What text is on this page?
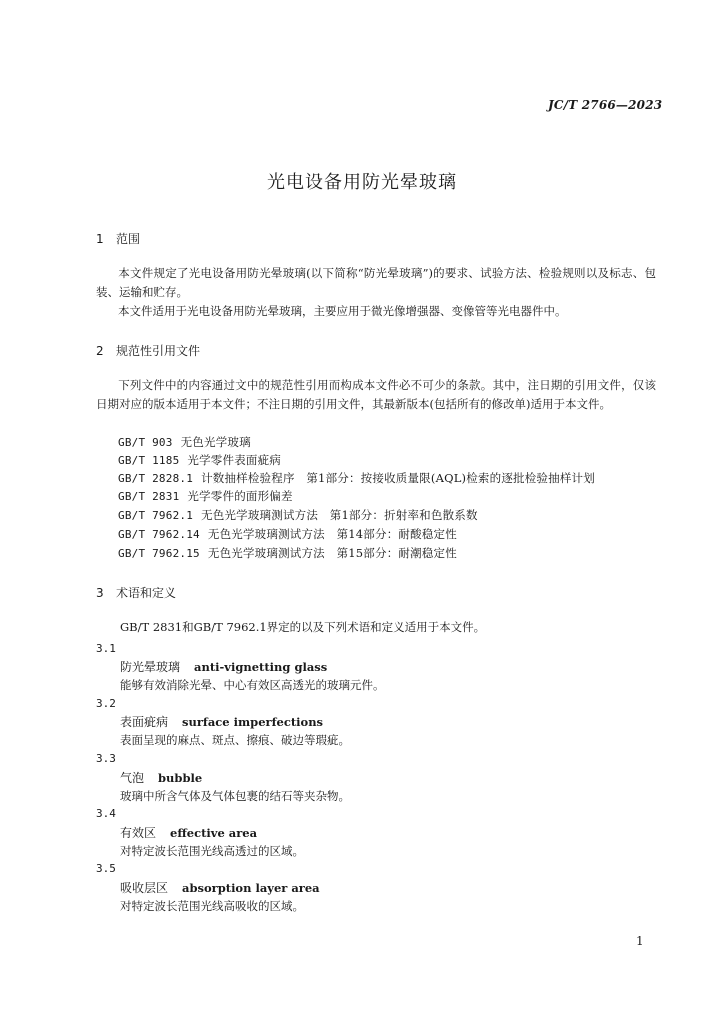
JC/T 2766—2023
光电设备用防光晕玻璃
1 范围
本文件规定了光电设备用防光晕玻璃(以下简称“防光晕玻璃”)的要求、试验方法、检验规则以及标志、包装、运输和贮存。
本文件适用于光电设备用防光晕玻璃，主要应用于微光像增强器、变像管等光电器件中。
2 规范性引用文件
下列文件中的内容通过文中的规范性引用而构成本文件必不可少的条款。其中，注日期的引用文件，仅该日期对应的版本适用于本文件；不注日期的引用文件，其最新版本(包括所有的修改单)适用于本文件。
GB/T 903 无色光学玻璃
GB/T 1185 光学零件表面疵病
GB/T 2828.1 计数抽样检验程序　第1部分：按接收质量限(AQL)检索的逐批检验抽样计划
GB/T 2831 光学零件的面形偏差
GB/T 7962.1 无色光学玻璃测试方法　第1部分：折射率和色散系数
GB/T 7962.14 无色光学玻璃测试方法　第14部分：耐酸稳定性
GB/T 7962.15 无色光学玻璃测试方法　第15部分：耐潮稳定性
3 术语和定义
GB/T 2831和GB/T 7962.1界定的以及下列术语和定义适用于本文件。
3.1
防光晕玻璃 anti-vignetting glass
能够有效消除光晕、中心有效区高透光的玻璃元件。
3.2
表面疵病 surface imperfections
表面呈现的麻点、斑点、擦痕、破边等瑕疵。
3.3
气泡 bubble
玻璃中所含气体及气体包裹的结石等夹杂物。
3.4
有效区 effective area
对特定波长范围光线高透过的区域。
3.5
吸收层区 absorption layer area
对特定波长范围光线高吸收的区域。
1
